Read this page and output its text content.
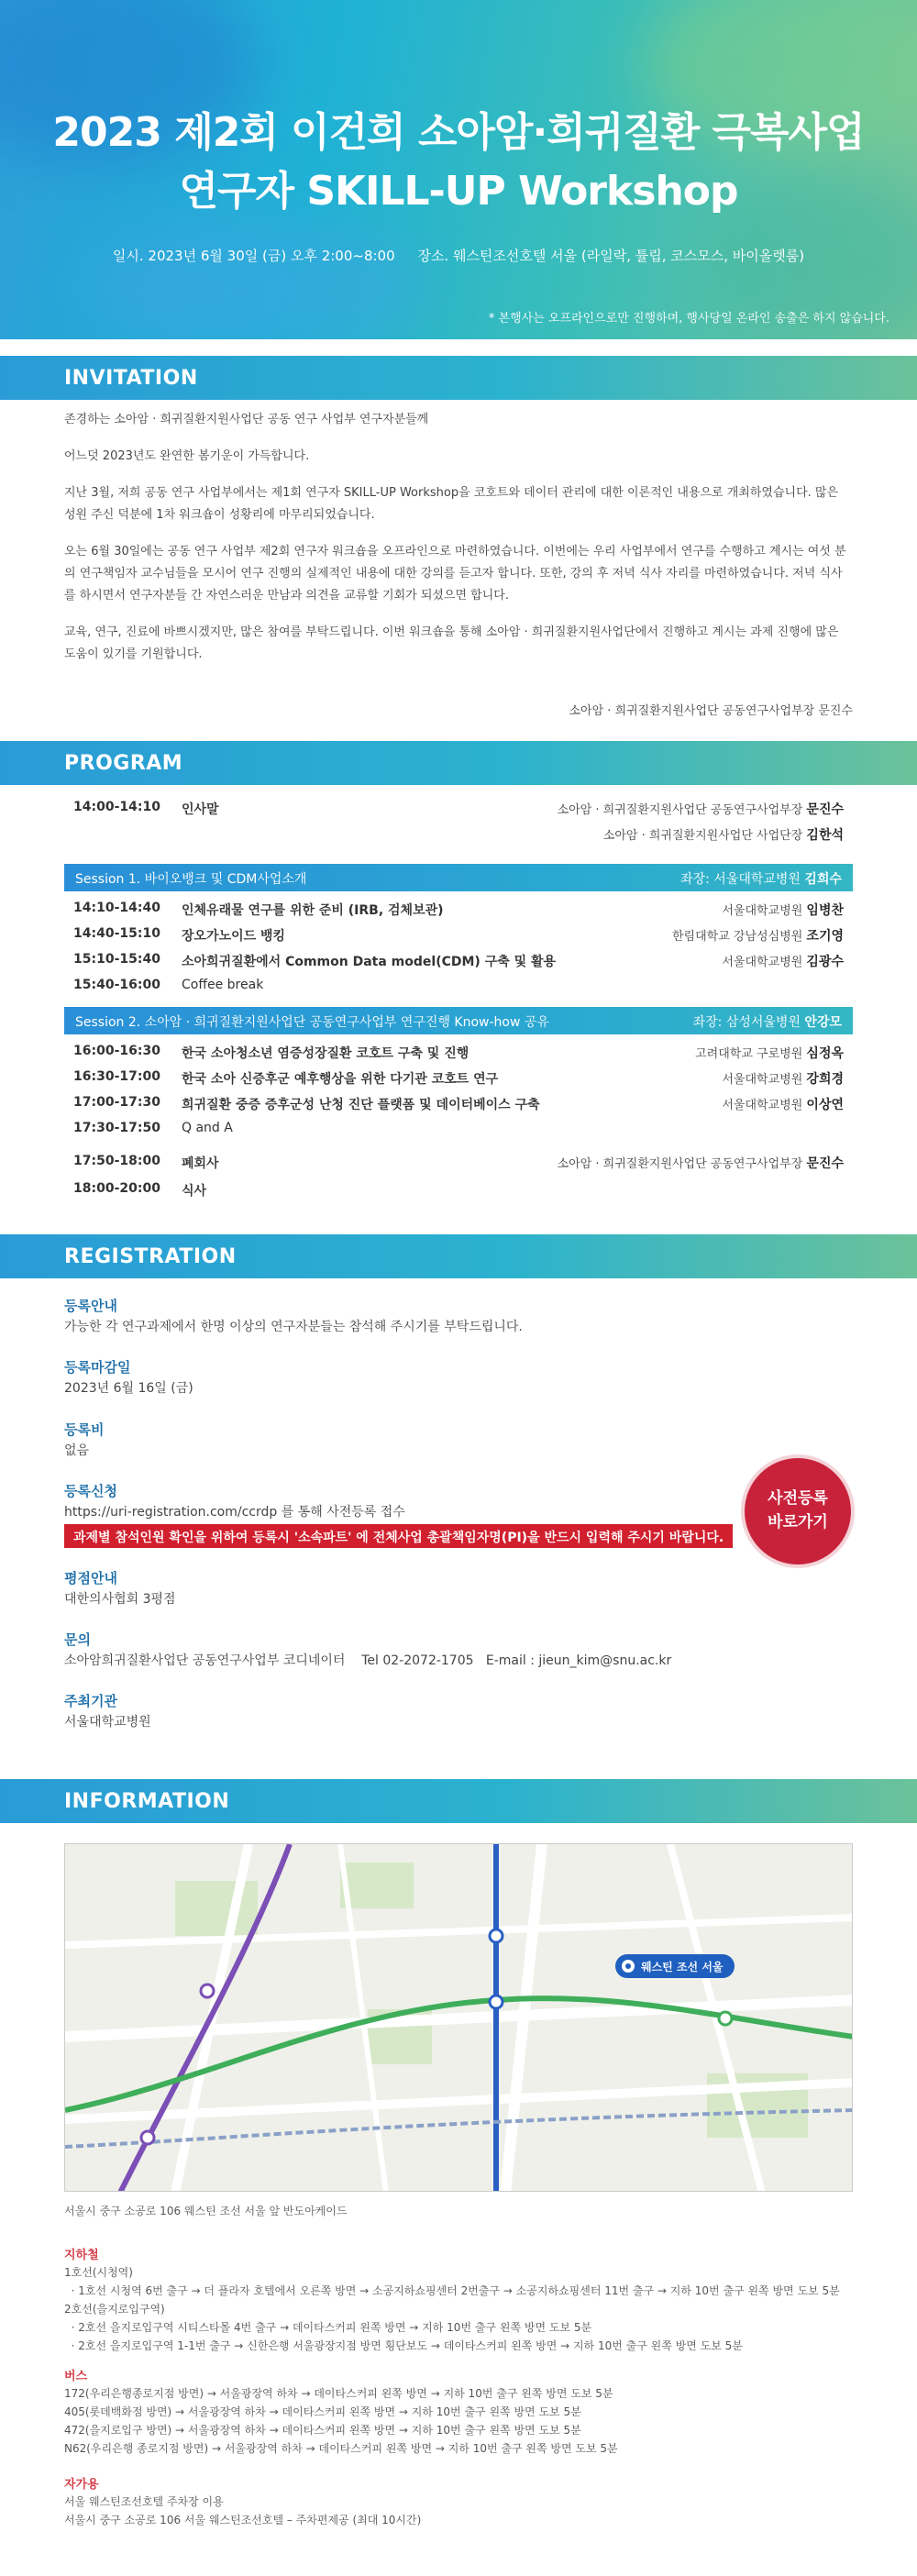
2023 제2회 이건희 소아암·희귀질환 극복사업
연구자 SKILL-UP Workshop
일시. 2023년 6월 30일 (금) 오후 2:00~8:00 장소. 웨스틴조선호텔 서울 (라일락, 튤립, 코스모스, 바이올렛룸)
* 본행사는 오프라인으로만 진행하며, 행사당일 온라인 송출은 하지 않습니다.
INVITATION
존경하는 소아암 · 희귀질환지원사업단 공동 연구 사업부 연구자분들께
어느덧 2023년도 완연한 봄기운이 가득합니다.
지난 3월, 저희 공동 연구 사업부에서는 제1회 연구자 SKILL-UP Workshop을 코호트와 데이터 관리에 대한 이론적인 내용으로 개최하였습니다. 많은 성원 주신 덕분에 1차 워크숍이 성황리에 마무리되었습니다.
오는 6월 30일에는 공동 연구 사업부 제2회 연구자 워크숍을 오프라인으로 마련하였습니다. 이번에는 우리 사업부에서 연구를 수행하고 계시는 여섯 분의 연구책임자 교수님들을 모시어 연구 진행의 실제적인 내용에 대한 강의를 듣고자 합니다. 또한, 강의 후 저녁 식사 자리를 마련하였습니다. 저녁 식사를 하시면서 연구자분들 간 자연스러운 만남과 의견을 교류할 기회가 되셨으면 합니다.
교육, 연구, 진료에 바쁘시겠지만, 많은 참여를 부탁드립니다. 이번 워크숍을 통해 소아암 · 희귀질환지원사업단에서 진행하고 계시는 과제 진행에 많은 도움이 있기를 기원합니다.
소아암 · 희귀질환지원사업단 공동연구사업부장 문진수
PROGRAM
14:00-14:10	인사말	소아암 · 희귀질환지원사업단 공동연구사업부장 문진수
소아암 · 희귀질환지원사업단 사업단장 김한석
Session 1. 바이오뱅크 및 CDM사업소개	좌장: 서울대학교병원 김희수
14:10-14:40	인체유래물 연구를 위한 준비 (IRB, 검체보관)	서울대학교병원 임병찬
14:40-15:10	장오가노이드 뱅킹	한림대학교 강남성심병원 조기영
15:10-15:40	소아희귀질환에서 Common Data model(CDM) 구축 및 활용	서울대학교병원 김광수
15:40-16:00	Coffee break
Session 2. 소아암 · 희귀질환지원사업단 공동연구사업부 연구진행 Know-how 공유	좌장: 삼성서울병원 안강모
16:00-16:30	한국 소아청소년 염증성장질환 코호트 구축 및 진행	고려대학교 구로병원 심정옥
16:30-17:00	한국 소아 신증후군 예후행상을 위한 다기관 코호트 연구	서울대학교병원 강희경
17:00-17:30	희귀질환 중증 증후군성 난청 진단 플랫폼 및 데이터베이스 구축	서울대학교병원 이상연
17:30-17:50	Q and A
17:50-18:00	폐회사	소아암 · 희귀질환지원사업단 공동연구사업부장 문진수
18:00-20:00	식사
REGISTRATION
등록안내
가능한 각 연구과제에서 한명 이상의 연구자분들는 참석해 주시기를 부탁드립니다.
등록마감일
2023년 6월 16일 (금)
등록비
없음
등록신청
https://uri-registration.com/ccrdp 를 통해 사전등록 접수
과제별 참석인원 확인을 위하여 등록시 '소속파트' 에 전체사업 총괄책임자명(PI)을 반드시 입력해 주시기 바랍니다.
평점안내
대한의사협회 3평점
문의
소아암희귀질환사업단 공동연구사업부 코디네이터    Tel 02-2072-1705   E-mail : jieun_kim@snu.ac.kr
주최기관
서울대학교병원
사전등록
바로가기
INFORMATION
웨스틴 조선 서울
서울시 중구 소공로 106 웨스틴 조선 서울 앞 반도아케이드
지하철
1호선(시청역)
· 1호선 시청역 6번 출구 → 더 플라자 호텔에서 오른쪽 방면 → 소공지하쇼핑센터 2번출구 → 소공지하쇼핑센터 11번 출구 → 지하 10번 출구 왼쪽 방면 도보 5분
2호선(을지로입구역)
· 2호선 을지로입구역 시티스타몰 4번 출구 → 데이타스커피 왼쪽 방면 → 지하 10번 출구 왼쪽 방면 도보 5분
· 2호선 을지로입구역 1-1번 출구 → 신한은행 서울광장지점 방면 횡단보도 → 데이타스커피 왼쪽 방면 → 지하 10번 출구 왼쪽 방면 도보 5분
버스
172(우리은행종로지점 방면) → 서울광장역 하차 → 데이타스커피 왼쪽 방면 → 지하 10번 출구 왼쪽 방면 도보 5분
405(롯데백화점 방면) → 서울광장역 하차 → 데이타스커피 왼쪽 방면 → 지하 10번 출구 왼쪽 방면 도보 5분
472(을지로입구 방면) → 서울광장역 하차 → 데이타스커피 왼쪽 방면 → 지하 10번 출구 왼쪽 방면 도보 5분
N62(우리은행 종로지점 방면) → 서울광장역 하차 → 데이타스커피 왼쪽 방면 → 지하 10번 출구 왼쪽 방면 도보 5분
자가용
서울 웨스틴조선호텔 주차장 이용
서울시 중구 소공로 106 서울 웨스틴조선호텔 – 주차편제공 (최대 10시간)
